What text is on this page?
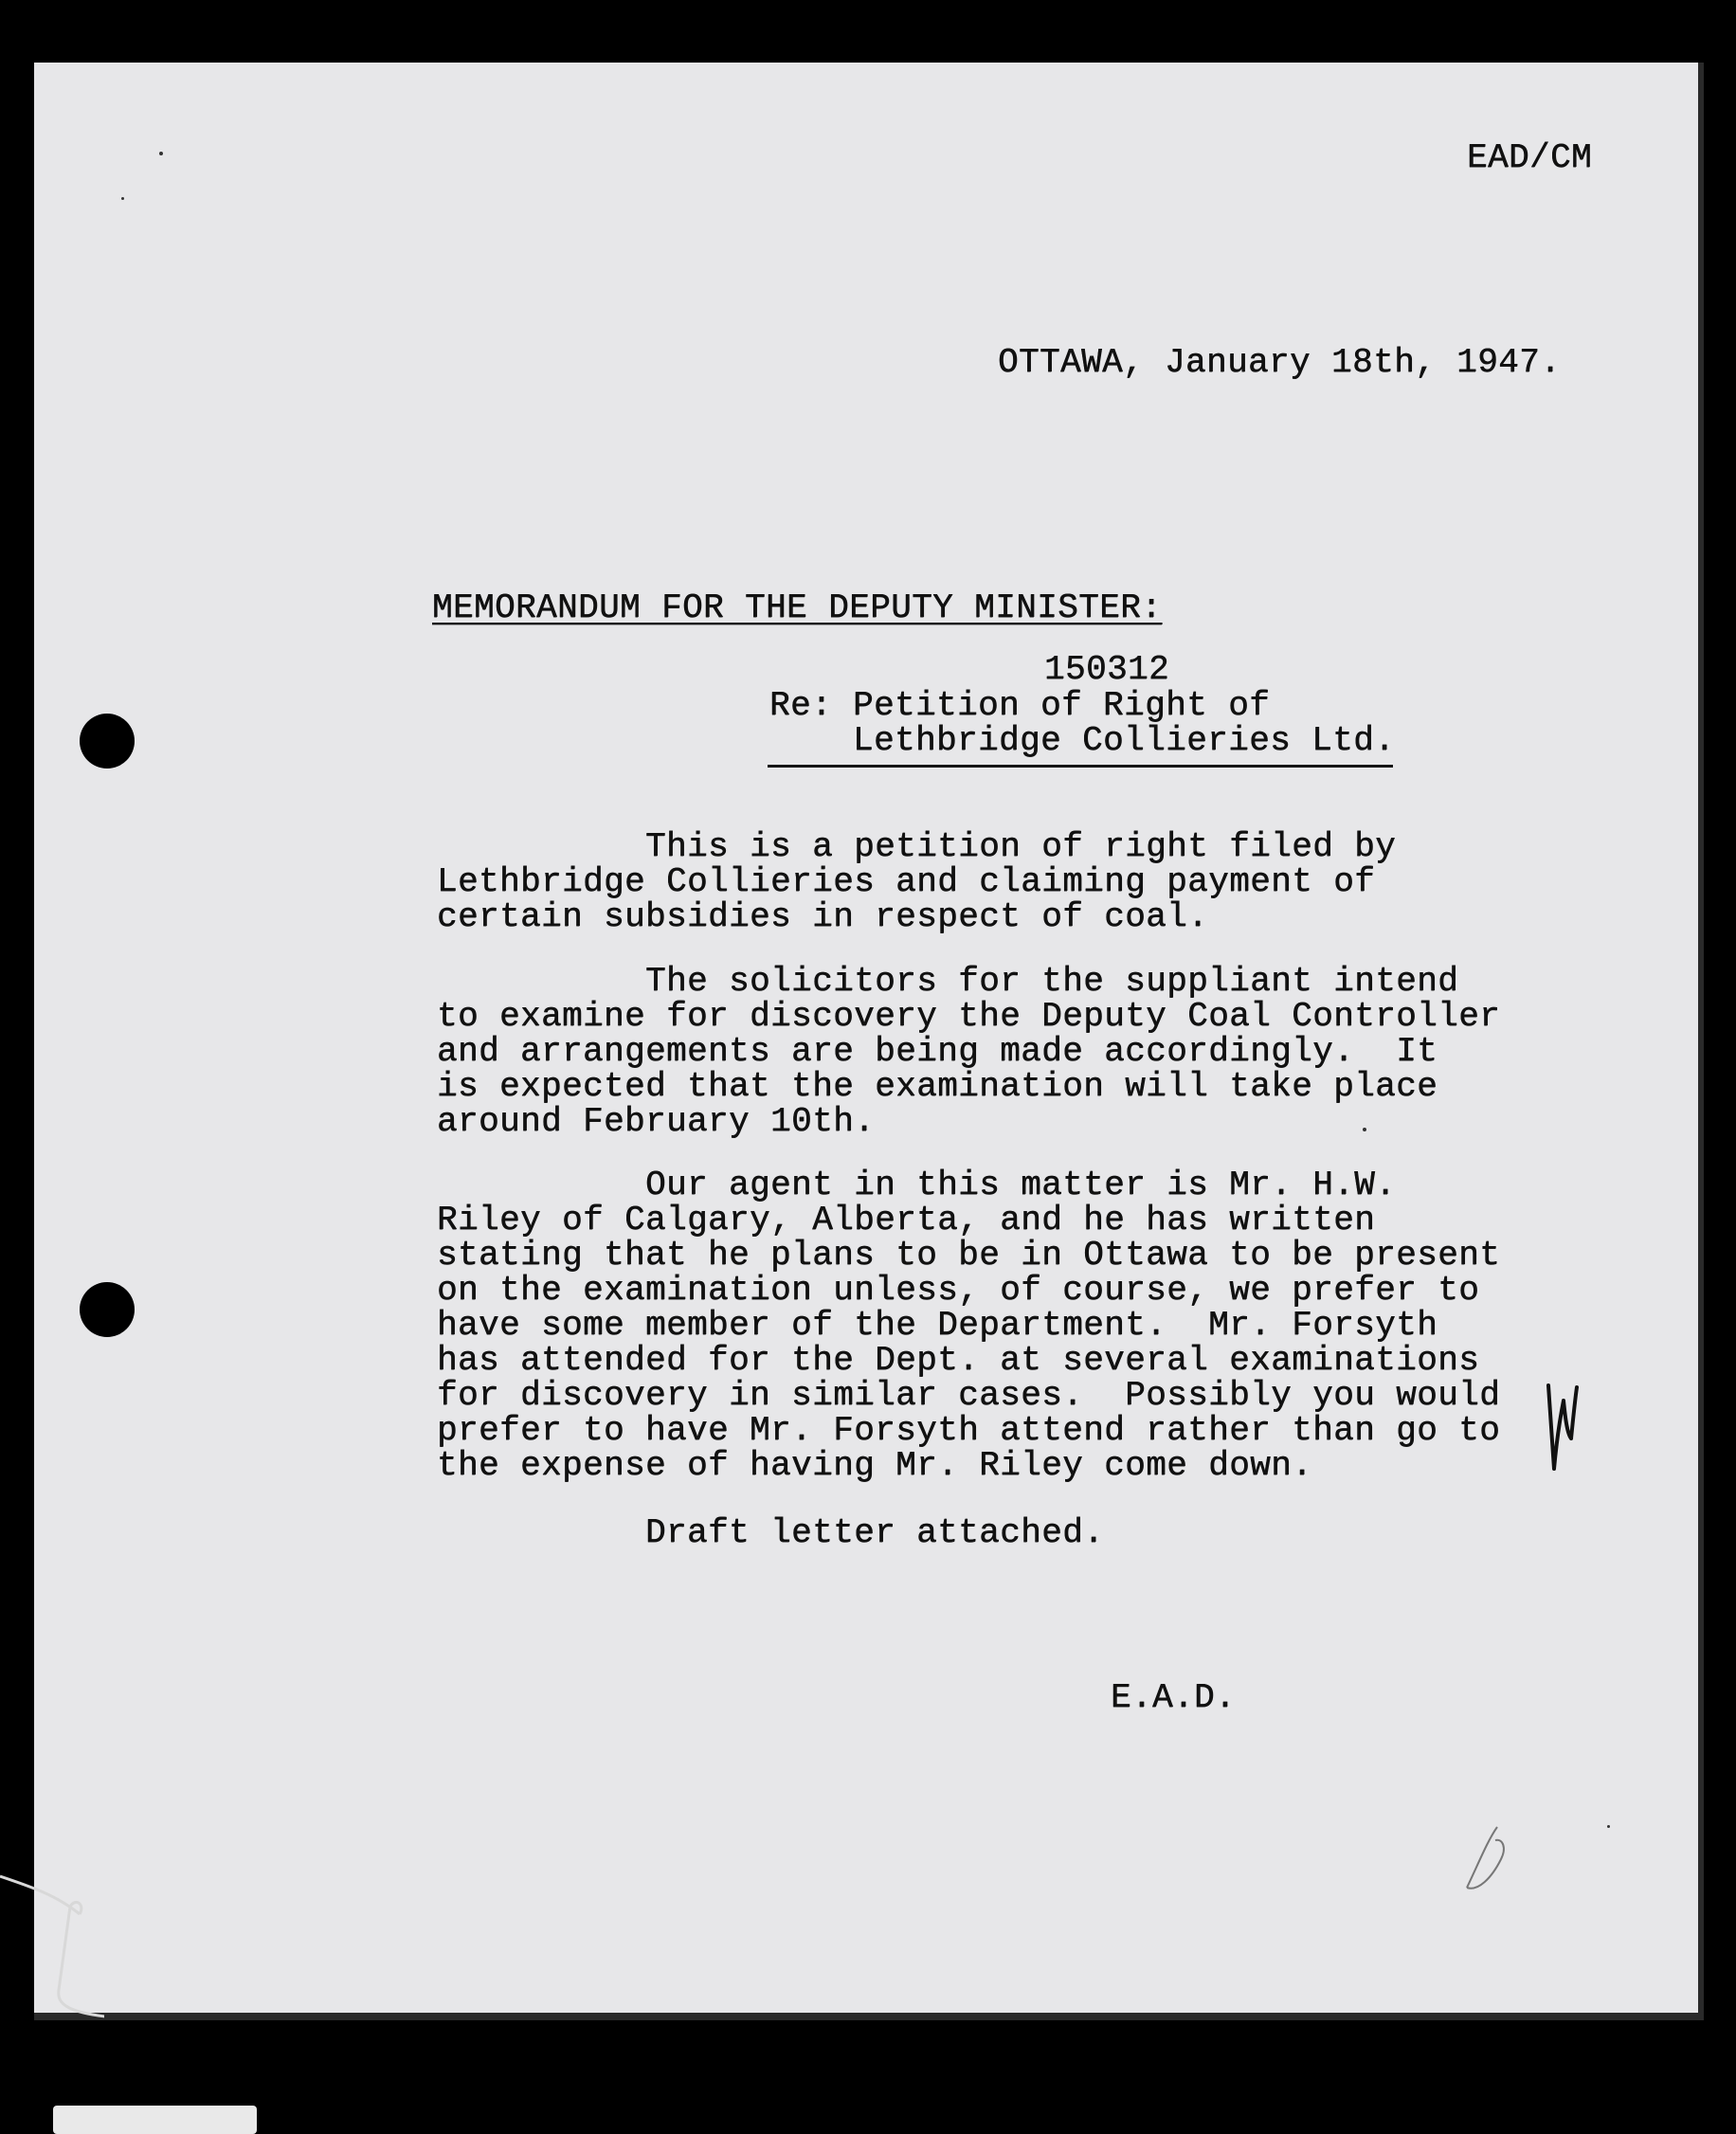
EAD/CM
OTTAWA, January 18th, 1947.
MEMORANDUM FOR THE DEPUTY MINISTER:
150312
Re: Petition of Right of
Lethbridge Collieries Ltd.
This is a petition of right filed by
Lethbridge Collieries and claiming payment of
certain subsidies in respect of coal.
The solicitors for the suppliant intend
to examine for discovery the Deputy Coal Controller
and arrangements are being made accordingly.  It
is expected that the examination will take place
around February 10th.
Our agent in this matter is Mr. H.W.
Riley of Calgary, Alberta, and he has written
stating that he plans to be in Ottawa to be present
on the examination unless, of course, we prefer to
have some member of the Department.  Mr. Forsyth
has attended for the Dept. at several examinations
for discovery in similar cases.  Possibly you would
prefer to have Mr. Forsyth attend rather than go to
the expense of having Mr. Riley come down.
Draft letter attached.
E.A.D.
